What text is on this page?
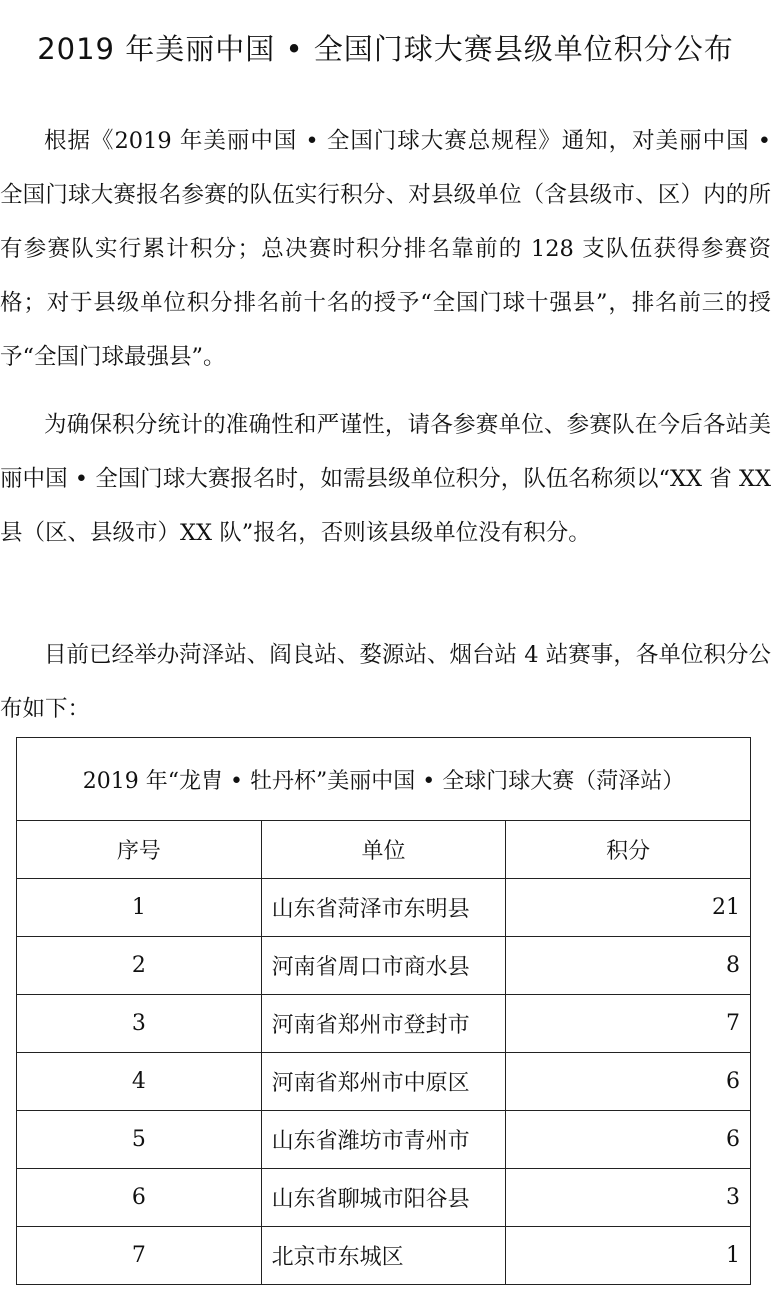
2019 年美丽中国 • 全国门球大赛县级单位积分公布

根据《2019 年美丽中国 • 全国门球大赛总规程》通知，对美丽中国 • 全国门球大赛报名参赛的队伍实行积分、对县级单位（含县级市、区）内的所有参赛队实行累计积分；总决赛时积分排名靠前的 128 支队伍获得参赛资格；对于县级单位积分排名前十名的授予“全国门球十强县”，排名前三的授予“全国门球最强县”。

为确保积分统计的准确性和严谨性，请各参赛单位、参赛队在今后各站美丽中国 • 全国门球大赛报名时，如需县级单位积分，队伍名称须以“XX 省 XX 县（区、县级市）XX 队”报名，否则该县级单位没有积分。

目前已经举办菏泽站、阎良站、婺源站、烟台站 4 站赛事，各单位积分公布如下：

2019 年“龙胄 • 牡丹杯”美丽中国 • 全球门球大赛（菏泽站）		
序号	单位	积分
1	山东省菏泽市东明县	21
2	河南省周口市商水县	8
3	河南省郑州市登封市	7
4	河南省郑州市中原区	6
5	山东省潍坊市青州市	6
6	山东省聊城市阳谷县	3
7	北京市东城区	1
